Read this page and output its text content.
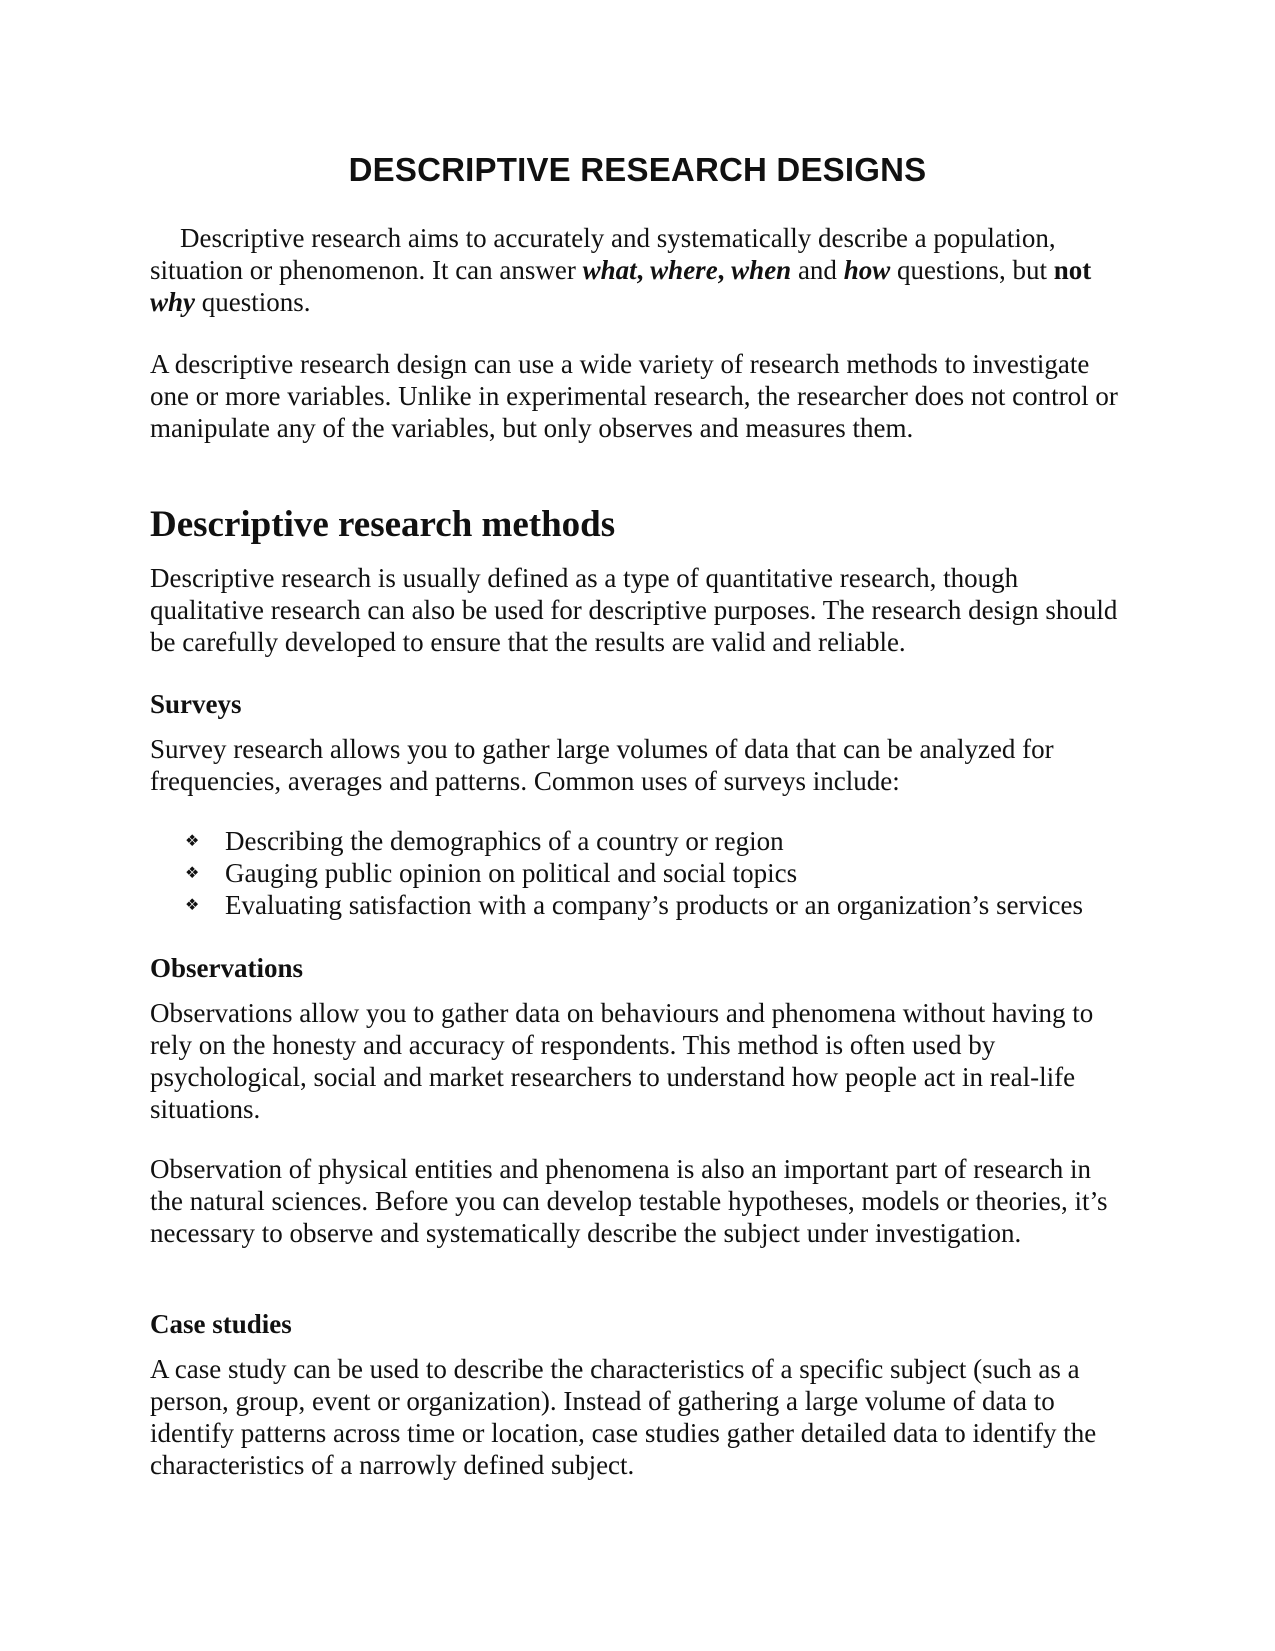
DESCRIPTIVE RESEARCH DESIGNS

Descriptive research aims to accurately and systematically describe a population, situation or phenomenon. It can answer what, where, when and how questions, but not why questions.

A descriptive research design can use a wide variety of research methods to investigate one or more variables. Unlike in experimental research, the researcher does not control or manipulate any of the variables, but only observes and measures them.

Descriptive research methods

Descriptive research is usually defined as a type of quantitative research, though qualitative research can also be used for descriptive purposes. The research design should be carefully developed to ensure that the results are valid and reliable.

Surveys

Survey research allows you to gather large volumes of data that can be analyzed for frequencies, averages and patterns. Common uses of surveys include:

❖ Describing the demographics of a country or region
❖ Gauging public opinion on political and social topics
❖ Evaluating satisfaction with a company’s products or an organization’s services
Observations

Observations allow you to gather data on behaviours and phenomena without having to rely on the honesty and accuracy of respondents. This method is often used by psychological, social and market researchers to understand how people act in real-life situations.

Observation of physical entities and phenomena is also an important part of research in the natural sciences. Before you can develop testable hypotheses, models or theories, it’s necessary to observe and systematically describe the subject under investigation.

Case studies

A case study can be used to describe the characteristics of a specific subject (such as a person, group, event or organization). Instead of gathering a large volume of data to identify patterns across time or location, case studies gather detailed data to identify the characteristics of a narrowly defined subject.
